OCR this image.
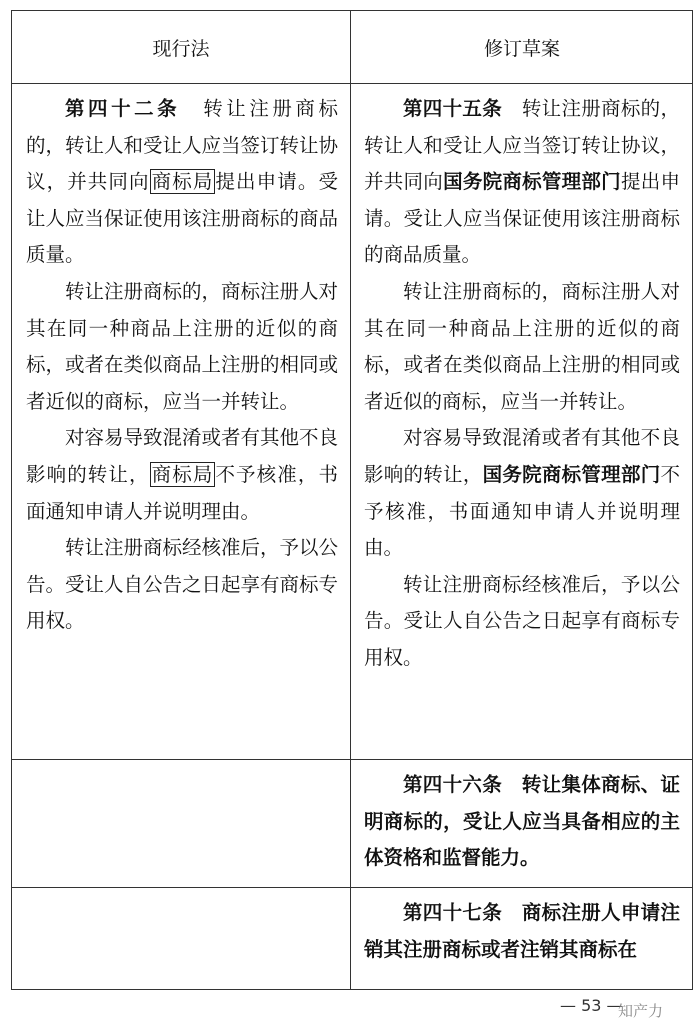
现行法	修订草案

第四十二条　 转让注册商标的，转让人和受让人应当签订转让协议，并共同向 商标局 提出申请。受让人应当保证使用该注册商标的商品质量。

转让注册商标的，商标注册人对其在同一种商品上注册的近似的商标，或者在类似商品上注册的相同或者近似的商标，应当一并转让。

对容易导致混淆或者有其他不良影响的转让， 商标局 不予核准，书面通知申请人并说明理由。

转让注册商标经核准后，予以公告。受让人自公告之日起享有商标专用权。

第四十五条　 转让注册商标的，转让人和受让人应当签订转让协议，并共同向国务院商标管理部门提出申请。受让人应当保证使用该注册商标的商品质量。

转让注册商标的，商标注册人对其在同一种商品上注册的近似的商标，或者在类似商品上注册的相同或者近似的商标，应当一并转让。

对容易导致混淆或者有其他不良影响的转让，国务院商标管理部门不予核准，书面通知申请人并说明理由。

转让注册商标经核准后，予以公告。受让人自公告之日起享有商标专用权。

第四十六条　 转让集体商标、证明商标的，受让人应当具备相应的主体资格和监督能力。

第四十七条　 商标注册人申请注销其注册商标或者注销其商标在

— 53 —
知产力
